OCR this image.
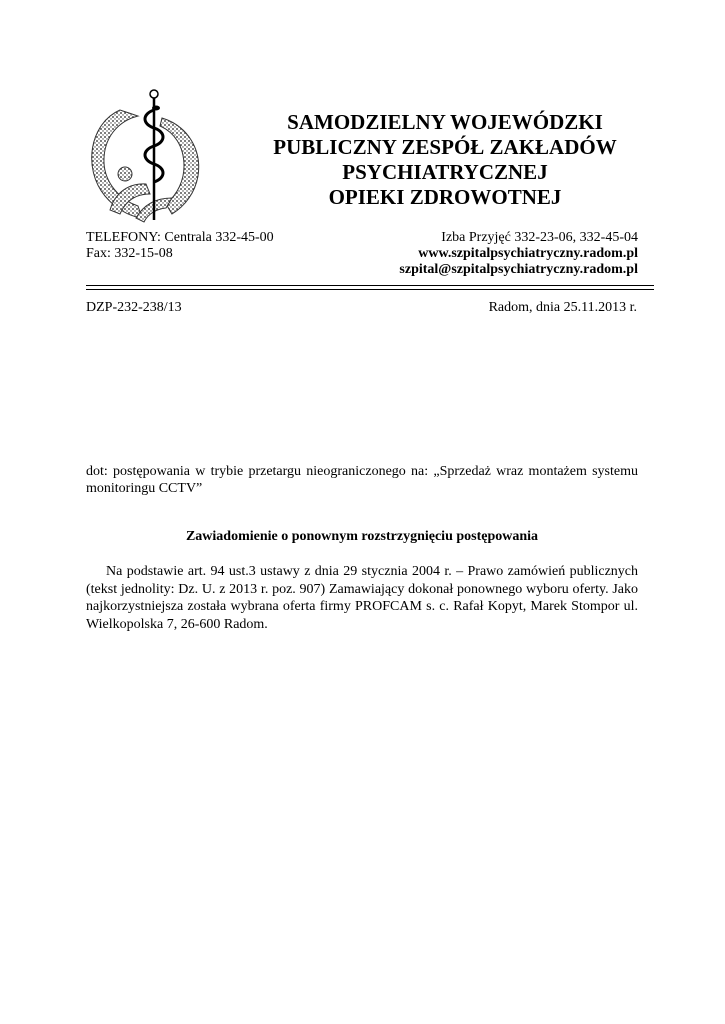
SAMODZIELNY WOJEWÓDZKI
PUBLICZNY ZESPÓŁ ZAKŁADÓW
PSYCHIATRYCZNEJ
OPIEKI ZDROWOTNEJ
TELEFONY: Centrala 332-45-00
Fax: 332-15-08
Izba Przyjęć 332-23-06, 332-45-04
www.szpitalpsychiatryczny.radom.pl
szpital@szpitalpsychiatryczny.radom.pl
DZP-232-238/13	Radom, dnia 25.11.2013 r.
dot: postępowania w trybie przetargu nieograniczonego na: „Sprzedaż wraz montażem systemu monitoringu CCTV”
Zawiadomienie o ponownym rozstrzygnięciu postępowania
Na podstawie art. 94 ust.3 ustawy z dnia 29 stycznia 2004 r. – Prawo zamówień publicznych (tekst jednolity: Dz. U. z 2013 r. poz. 907) Zamawiający dokonał ponownego wyboru oferty. Jako najkorzystniejsza została wybrana oferta firmy PROFCAM s. c. Rafał Kopyt, Marek Stompor ul. Wielkopolska 7, 26-600 Radom.
